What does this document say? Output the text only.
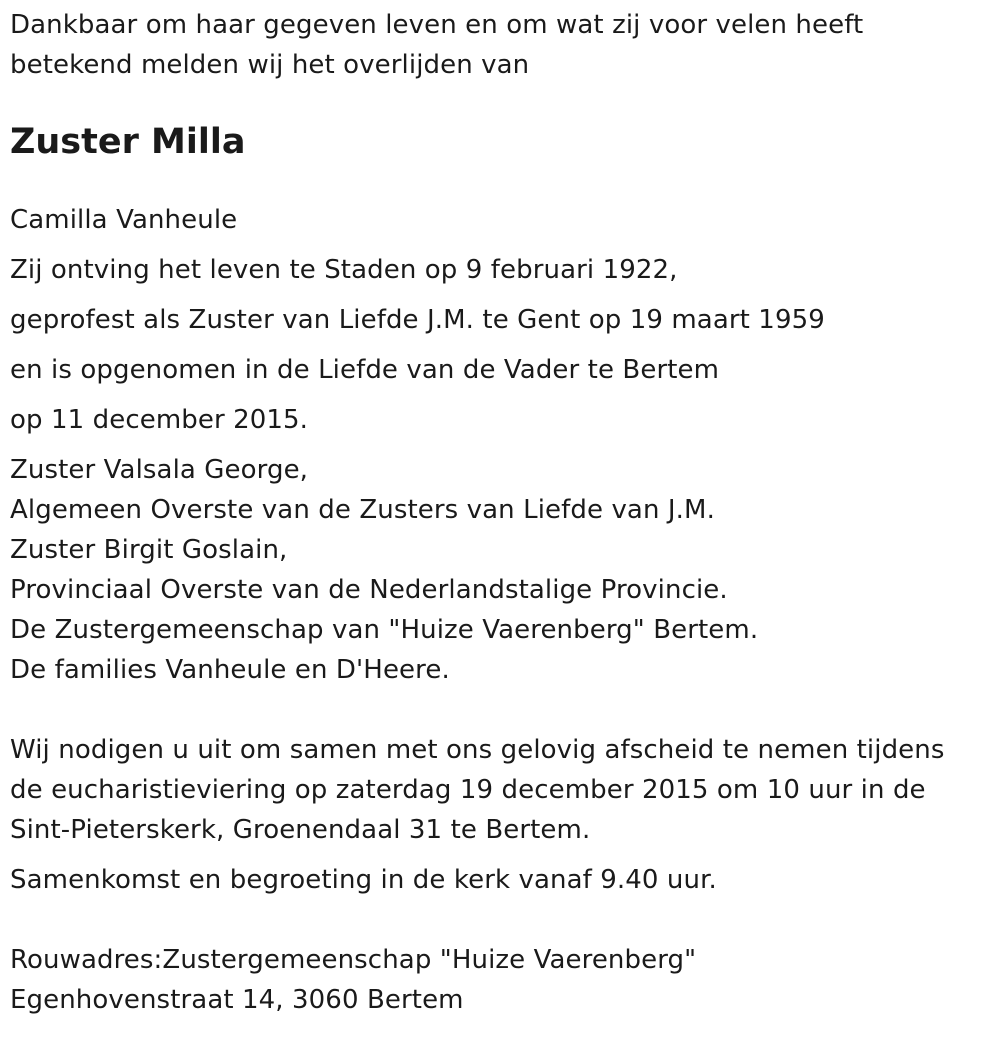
Dankbaar om haar gegeven leven en om wat zij voor velen heeft
betekend melden wij het overlijden van
Zuster Milla
Camilla Vanheule
Zij ontving het leven te Staden op 9 februari 1922,
geprofest als Zuster van Liefde J.M. te Gent op 19 maart 1959
en is opgenomen in de Liefde van de Vader te Bertem
op 11 december 2015.
Zuster Valsala George,
Algemeen Overste van de Zusters van Liefde van J.M.
Zuster Birgit Goslain,
Provinciaal Overste van de Nederlandstalige Provincie.
De Zustergemeenschap van "Huize Vaerenberg" Bertem.
De families Vanheule en D'Heere.
Wij nodigen u uit om samen met ons gelovig afscheid te nemen tijdens
de eucharistieviering op zaterdag 19 december 2015 om 10 uur in de
Sint-Pieterskerk, Groenendaal 31 te Bertem.
Samenkomst en begroeting in de kerk vanaf 9.40 uur.
Rouwadres:Zustergemeenschap "Huize Vaerenberg"
Egenhovenstraat 14, 3060 Bertem
